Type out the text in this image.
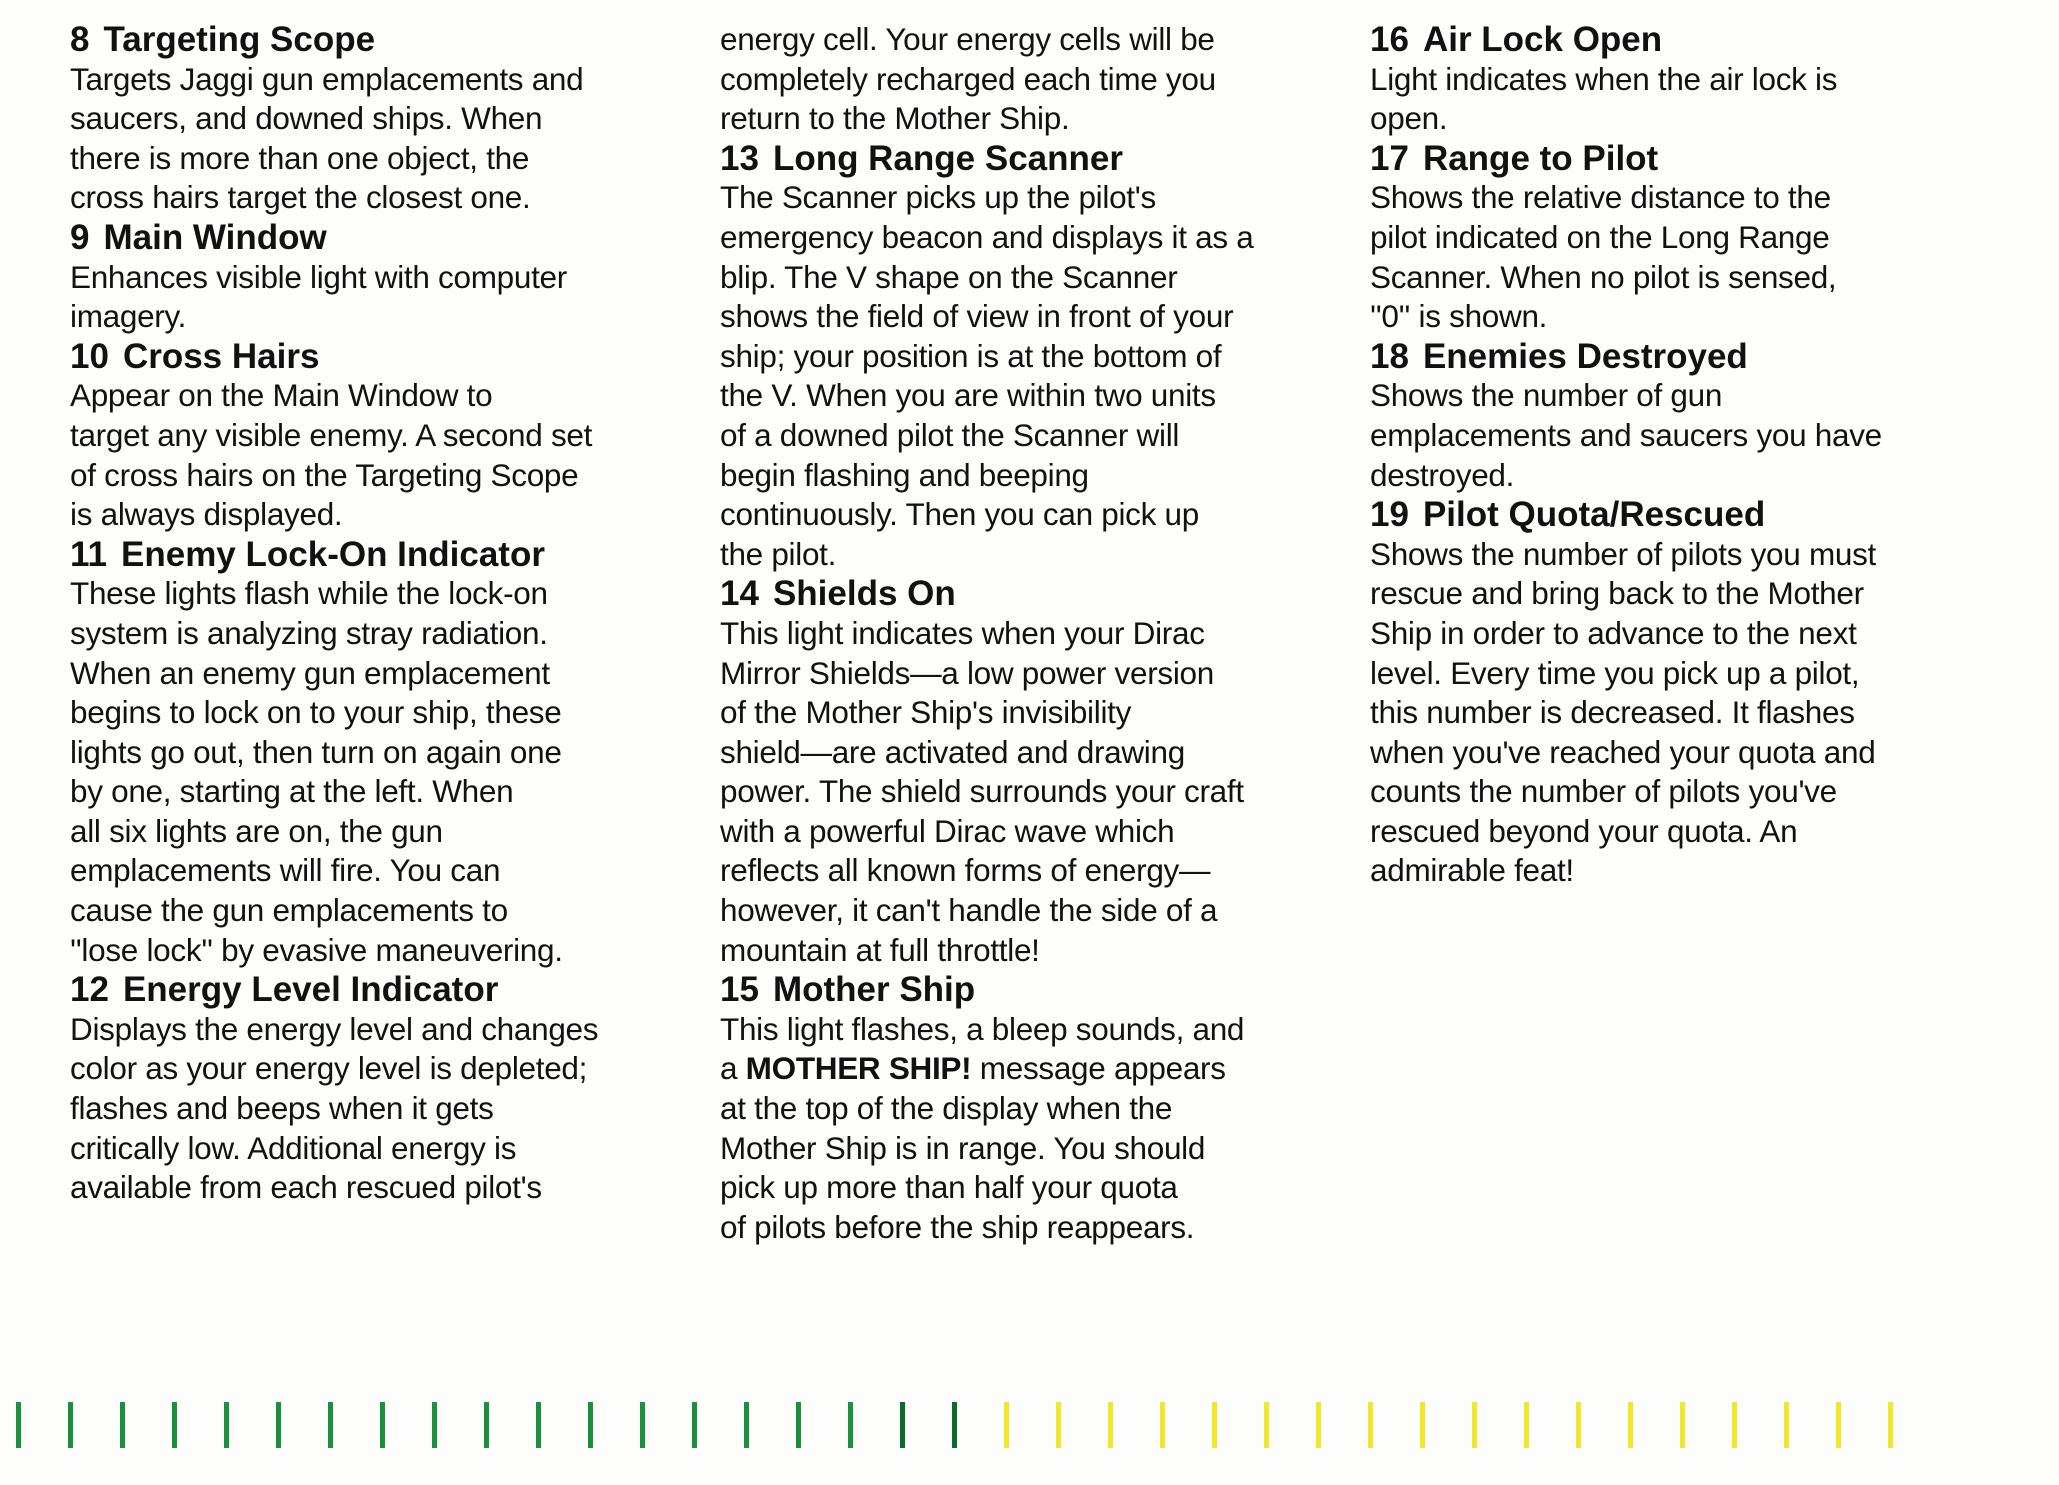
8 Targeting Scope

Targets Jaggi gun emplacements and

saucers, and downed ships. When

there is more than one object, the

cross hairs target the closest one.

9 Main Window

Enhances visible light with computer

imagery.

10 Cross Hairs

Appear on the Main Window to

target any visible enemy. A second set

of cross hairs on the Targeting Scope

is always displayed.

11 Enemy Lock-On Indicator

These lights flash while the lock-on

system is analyzing stray radiation.

When an enemy gun emplacement

begins to lock on to your ship, these

lights go out, then turn on again one

by one, starting at the left. When

all six lights are on, the gun

emplacements will fire. You can

cause the gun emplacements to

''lose lock'' by evasive maneuvering.

12 Energy Level Indicator

Displays the energy level and changes

color as your energy level is depleted;

flashes and beeps when it gets

critically low. Additional energy is

available from each rescued pilot's

energy cell. Your energy cells will be

completely recharged each time you

return to the Mother Ship.

13 Long Range Scanner

The Scanner picks up the pilot's

emergency beacon and displays it as a

blip. The V shape on the Scanner

shows the field of view in front of your

ship; your position is at the bottom of

the V. When you are within two units

of a downed pilot the Scanner will

begin flashing and beeping

continuously. Then you can pick up

the pilot.

14 Shields On

This light indicates when your Dirac

Mirror Shields—a low power version

of the Mother Ship's invisibility

shield—are activated and drawing

power. The shield surrounds your craft

with a powerful Dirac wave which

reflects all known forms of energy—

however, it can't handle the side of a

mountain at full throttle!

15 Mother Ship

This light flashes, a bleep sounds, and

a MOTHER SHIP! message appears

at the top of the display when the

Mother Ship is in range. You should

pick up more than half your quota

of pilots before the ship reappears.

16 Air Lock Open

Light indicates when the air lock is

open.

17 Range to Pilot

Shows the relative distance to the

pilot indicated on the Long Range

Scanner. When no pilot is sensed,

''0'' is shown.

18 Enemies Destroyed

Shows the number of gun

emplacements and saucers you have

destroyed.

19 Pilot Quota/Rescued

Shows the number of pilots you must

rescue and bring back to the Mother

Ship in order to advance to the next

level. Every time you pick up a pilot,

this number is decreased. It flashes

when you've reached your quota and

counts the number of pilots you've

rescued beyond your quota. An

admirable feat!
